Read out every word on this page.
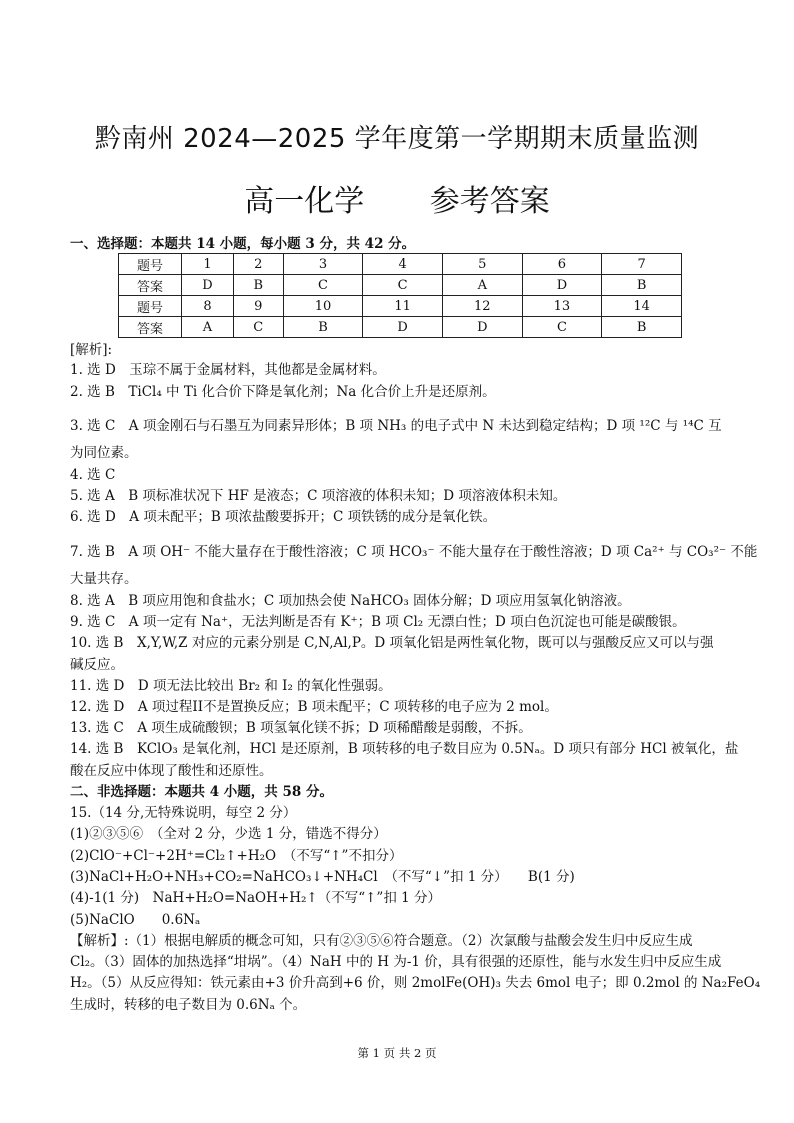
黔南州 2024—2025 学年度第一学期期末质量监测
高一化学 参考答案
一、选择题：本题共 14 小题，每小题 3 分，共 42 分。
题号	1	2	3	4	5	6	7
答案	D	B	C	C	A	D	B
题号	8	9	10	11	12	13	14
答案	A	C	B	D	D	C	B
[解析]:
1. 选 D　玉琮不属于金属材料，其他都是金属材料。
2. 选 B　TiCl₄ 中 Ti 化合价下降是氧化剂；Na 化合价上升是还原剂。
3. 选 C　A 项金刚石与石墨互为同素异形体；B 项 NH₃ 的电子式中 N 未达到稳定结构；D 项 ¹²C 与 ¹⁴C 互
为同位素。
4. 选 C
5. 选 A　B 项标准状况下 HF 是液态；C 项溶液的体积未知；D 项溶液体积未知。
6. 选 D　A 项未配平；B 项浓盐酸要拆开；C 项铁锈的成分是氧化铁。
7. 选 B　A 项 OH⁻ 不能大量存在于酸性溶液；C 项 HCO₃⁻ 不能大量存在于酸性溶液；D 项 Ca²⁺ 与 CO₃²⁻ 不能
大量共存。
8. 选 A　B 项应用饱和食盐水；C 项加热会使 NaHCO₃ 固体分解；D 项应用氢氧化钠溶液。
9. 选 C　A 项一定有 Na⁺，无法判断是否有 K⁺；B 项 Cl₂ 无漂白性；D 项白色沉淀也可能是碳酸银。
10. 选 B　X,Y,W,Z 对应的元素分别是 C,N,Al,P。D 项氧化铝是两性氧化物，既可以与强酸反应又可以与强
碱反应。
11. 选 D　D 项无法比较出 Br₂ 和 I₂ 的氧化性强弱。
12. 选 D　A 项过程II不是置换反应；B 项未配平；C 项转移的电子应为 2 mol。
13. 选 C　A 项生成硫酸钡；B 项氢氧化镁不拆；D 项稀醋酸是弱酸，不拆。
14. 选 B　KClO₃ 是氧化剂，HCl 是还原剂，B 项转移的电子数目应为 0.5Nₐ。D 项只有部分 HCl 被氧化，盐
酸在反应中体现了酸性和还原性。
二、非选择题：本题共 4 小题，共 58 分。
15.（14 分,无特殊说明，每空 2 分）
(1)②③⑤⑥　（全对 2 分，少选 1 分，错选不得分）
(2)ClO⁻+Cl⁻+2H⁺=Cl₂↑+H₂O　（不写“↑”不扣分）
(3)NaCl+H₂O+NH₃+CO₂=NaHCO₃↓+NH₄Cl　（不写“↓”扣 1 分）　　B(1 分)
(4)-1(1 分)　NaH+H₂O=NaOH+H₂↑（不写“↑”扣 1 分）
(5)NaClO　　0.6Nₐ
【解析】:（1）根据电解质的概念可知，只有②③⑤⑥符合题意。（2）次氯酸与盐酸会发生归中反应生成
Cl₂。（3）固体的加热选择“坩埚”。（4）NaH 中的 H 为-1 价，具有很强的还原性，能与水发生归中反应生成
H₂。（5）从反应得知：铁元素由+3 价升高到+6 价，则 2molFe(OH)₃ 失去 6mol 电子；即 0.2mol 的 Na₂FeO₄
生成时，转移的电子数目为 0.6Nₐ 个。
第 1 页 共 2 页
